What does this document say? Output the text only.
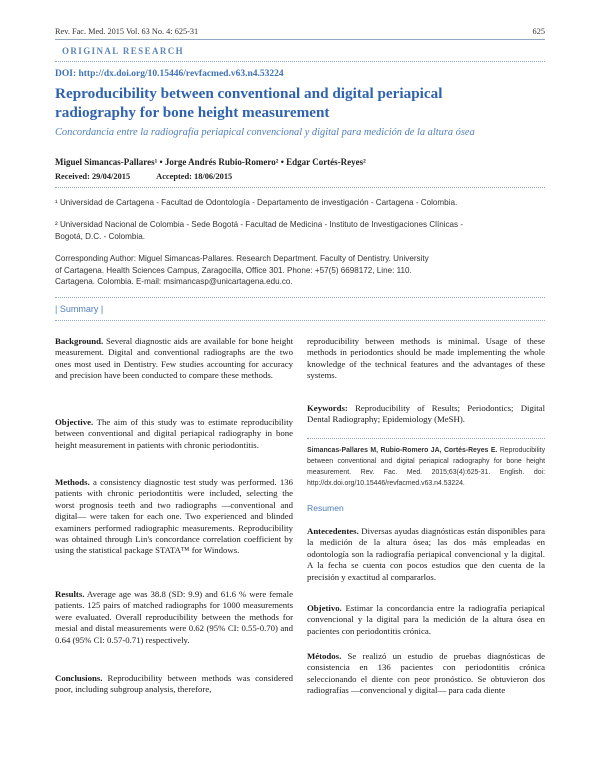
Rev. Fac. Med. 2015 Vol. 63 No. 4: 625-31	625
ORIGINAL RESEARCH
DOI: http://dx.doi.org/10.15446/revfacmed.v63.n4.53224
Reproducibility between conventional and digital periapical radiography for bone height measurement
Concordancia entre la radiografía periapical convencional y digital para medición de la altura ósea
Miguel Simancas-Pallares¹ • Jorge Andrés Rubio-Romero² • Edgar Cortés-Reyes²
Received: 29/04/2015	Accepted: 18/06/2015
¹ Universidad de Cartagena - Facultad de Odontología - Departamento de investigación - Cartagena - Colombia.
² Universidad Nacional de Colombia - Sede Bogotá - Facultad de Medicina - Instituto de Investigaciones Clínicas - Bogotá, D.C. - Colombia.
Corresponding Author: Miguel Simancas-Pallares. Research Department. Faculty of Dentistry. University of Cartagena. Health Sciences Campus, Zaragocilla, Office 301. Phone: +57(5) 6698172, Line: 110. Cartagena. Colombia. E-mail: msimancasp@unicartagena.edu.co.
| Summary |

Background. Several diagnostic aids are available for bone height measurement. Digital and conventional radiographs are the two ones most used in Dentistry. Few studies accounting for accuracy and precision have been conducted to compare these methods.

Objective. The aim of this study was to estimate reproducibility between conventional and digital periapical radiography in bone height measurement in patients with chronic periodontitis.

Methods. a consistency diagnostic test study was performed. 136 patients with chronic periodontitis were included, selecting the worst prognosis teeth and two radiographs —conventional and digital— were taken for each one. Two experienced and blinded examiners performed radiographic measurements. Reproducibility was obtained through Lin's concordance correlation coefficient by using the statistical package STATA™ for Windows.

Results. Average age was 38.8 (SD: 9.9) and 61.6 % were female patients. 125 pairs of matched radiographs for 1000 measurements were evaluated. Overall reproducibility between the methods for mesial and distal measurements were 0.62 (95% CI: 0.55-0.70) and 0.64 (95% CI: 0.57-0.71) respectively.

Conclusions. Reproducibility between methods was considered poor, including subgroup analysis, therefore,

reproducibility between methods is minimal. Usage of these methods in periodontics should be made implementing the whole knowledge of the technical features and the advantages of these systems.

Keywords: Reproducibility of Results; Periodontics; Digital Dental Radiography; Epidemiology (MeSH).

Simancas-Pallares M, Rubio-Romero JA, Cortés-Reyes E. Reproducibility between conventional and digital periapical radiography for bone height measurement. Rev. Fac. Med. 2015;63(4):625-31. English. doi: http://dx.doi.org/10.15446/revfacmed.v63.n4.53224.
Resumen

Antecedentes. Diversas ayudas diagnósticas están disponibles para la medición de la altura ósea; las dos más empleadas en odontología son la radiografía periapical convencional y la digital. A la fecha se cuenta con pocos estudios que den cuenta de la precisión y exactitud al compararlos.

Objetivo. Estimar la concordancia entre la radiografía periapical convencional y la digital para la medición de la altura ósea en pacientes con periodontitis crónica.

Métodos. Se realizó un estudio de pruebas diagnósticas de consistencia en 136 pacientes con periodontitis crónica seleccionando el diente con peor pronóstico. Se obtuvieron dos radiografías —convencional y digital— para cada diente
